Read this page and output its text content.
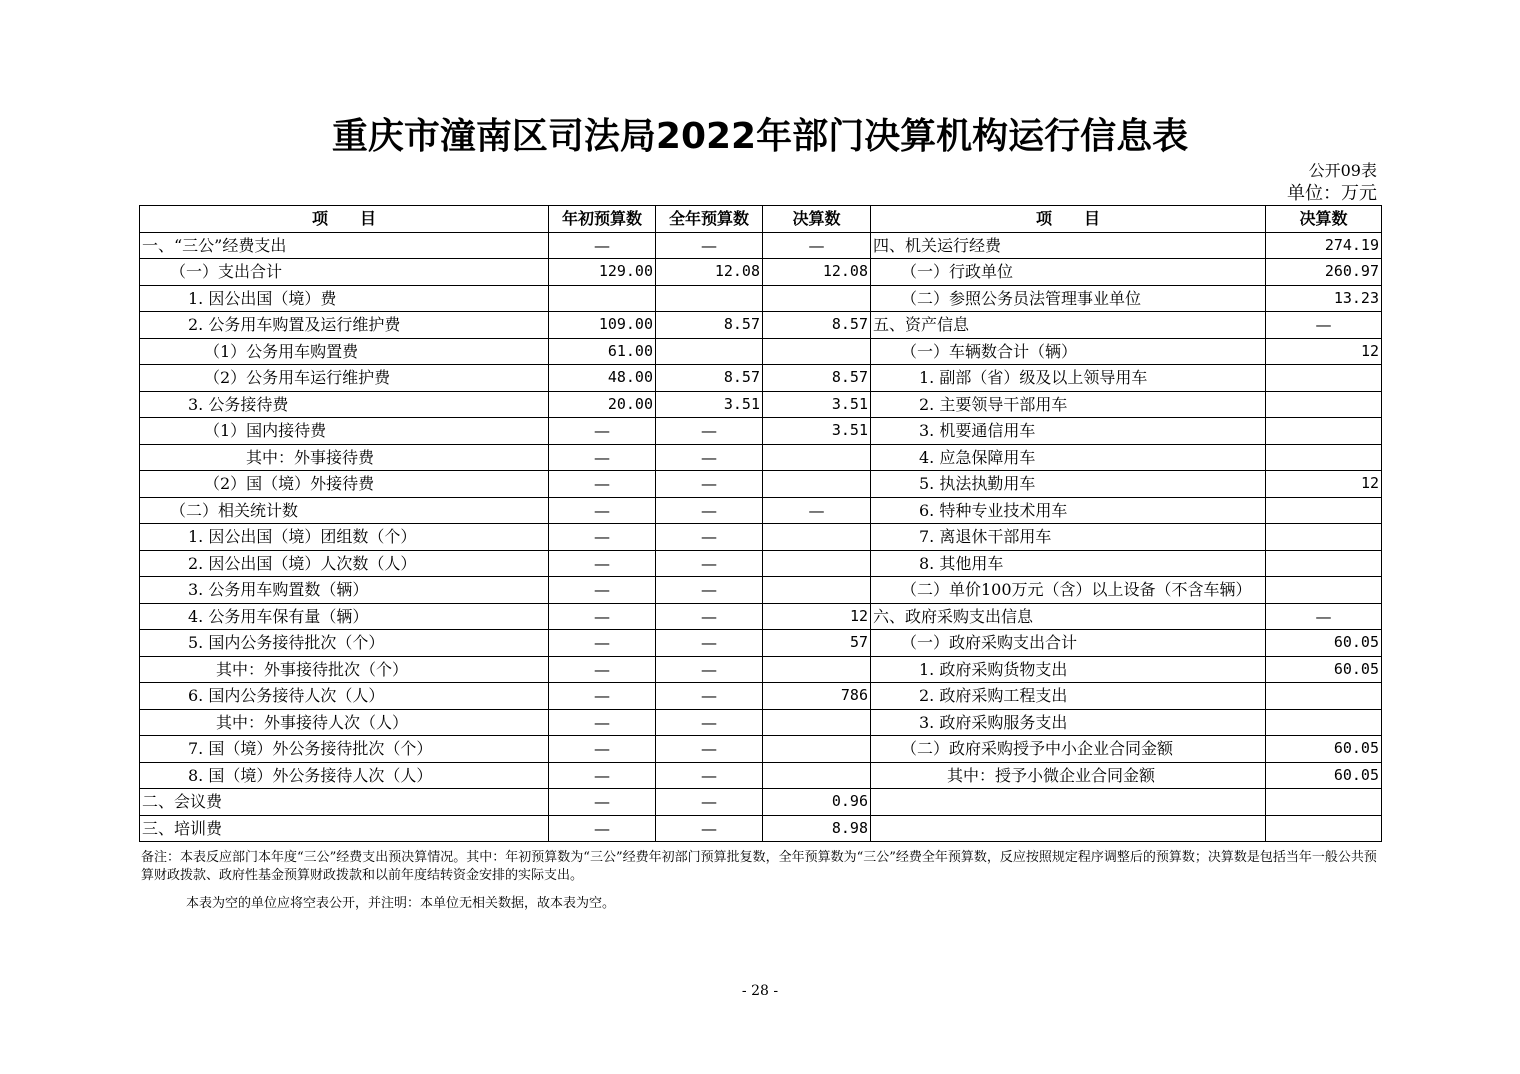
重庆市潼南区司法局2022年部门决算机构运行信息表
公开09表
单位：万元
项　　目	年初预算数	全年预算数	决算数	项　　目	决算数
一、“三公”经费支出	—	—	—	四、机关运行经费	274.19
（一）支出合计	129.00	12.08	12.08	（一）行政单位	260.97
1. 因公出国（境）费				（二）参照公务员法管理事业单位	13.23
2. 公务用车购置及运行维护费	109.00	8.57	8.57	五、资产信息	—
（1）公务用车购置费	61.00			（一）车辆数合计（辆）	12
（2）公务用车运行维护费	48.00	8.57	8.57	1. 副部（省）级及以上领导用车	
3. 公务接待费	20.00	3.51	3.51	2. 主要领导干部用车	
（1）国内接待费	—	—	3.51	3. 机要通信用车	
其中：外事接待费	—	—		4. 应急保障用车	
（2）国（境）外接待费	—	—		5. 执法执勤用车	12
（二）相关统计数	—	—	—	6. 特种专业技术用车	
1. 因公出国（境）团组数（个）	—	—		7. 离退休干部用车	
2. 因公出国（境）人次数（人）	—	—		8. 其他用车	
3. 公务用车购置数（辆）	—	—		（二）单价100万元（含）以上设备（不含车辆）	
4. 公务用车保有量（辆）	—	—	12	六、政府采购支出信息	—
5. 国内公务接待批次（个）	—	—	57	（一）政府采购支出合计	60.05
其中：外事接待批次（个）	—	—		1. 政府采购货物支出	60.05
6. 国内公务接待人次（人）	—	—	786	2. 政府采购工程支出	
其中：外事接待人次（人）	—	—		3. 政府采购服务支出	
7. 国（境）外公务接待批次（个）	—	—		（二）政府采购授予中小企业合同金额	60.05
8. 国（境）外公务接待人次（人）	—	—		其中：授予小微企业合同金额	60.05
二、会议费	—	—	0.96		
三、培训费	—	—	8.98		
备注：本表反应部门本年度“三公”经费支出预决算情况。其中：年初预算数为“三公”经费年初部门预算批复数，全年预算数为“三公”经费全年预算数，反应按照规定程序调整后的预算数；决算数是包括当年一般公共预算财政拨款、政府性基金预算财政拨款和以前年度结转资金安排的实际支出。
本表为空的单位应将空表公开，并注明：本单位无相关数据，故本表为空。
- 28 -
